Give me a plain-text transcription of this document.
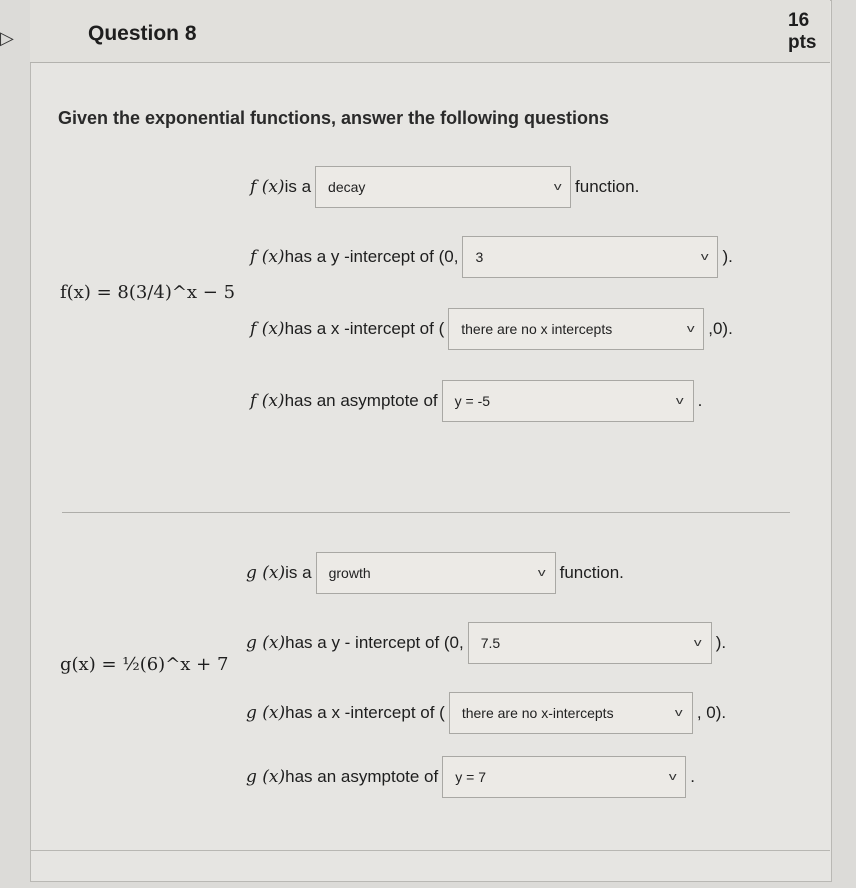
Question 8
16 pts
▷
Given the exponential functions, answer the following questions
f(x) = 8(3/4)^x − 5
f (x) is a decay	v function.
f (x) has a y -intercept of (0, 3	v ).
f (x) has a x -intercept of ( there are no x intercepts	v ,0).
f (x) has an asymptote of y = -5	v .
g(x) = ½(6)^x + 7
g (x) is a growth	v function.
g (x) has a y - intercept of (0, 7.5	v ).
g (x) has a x -intercept of ( there are no x-intercepts	v , 0).
g (x) has an asymptote of y = 7	v .
